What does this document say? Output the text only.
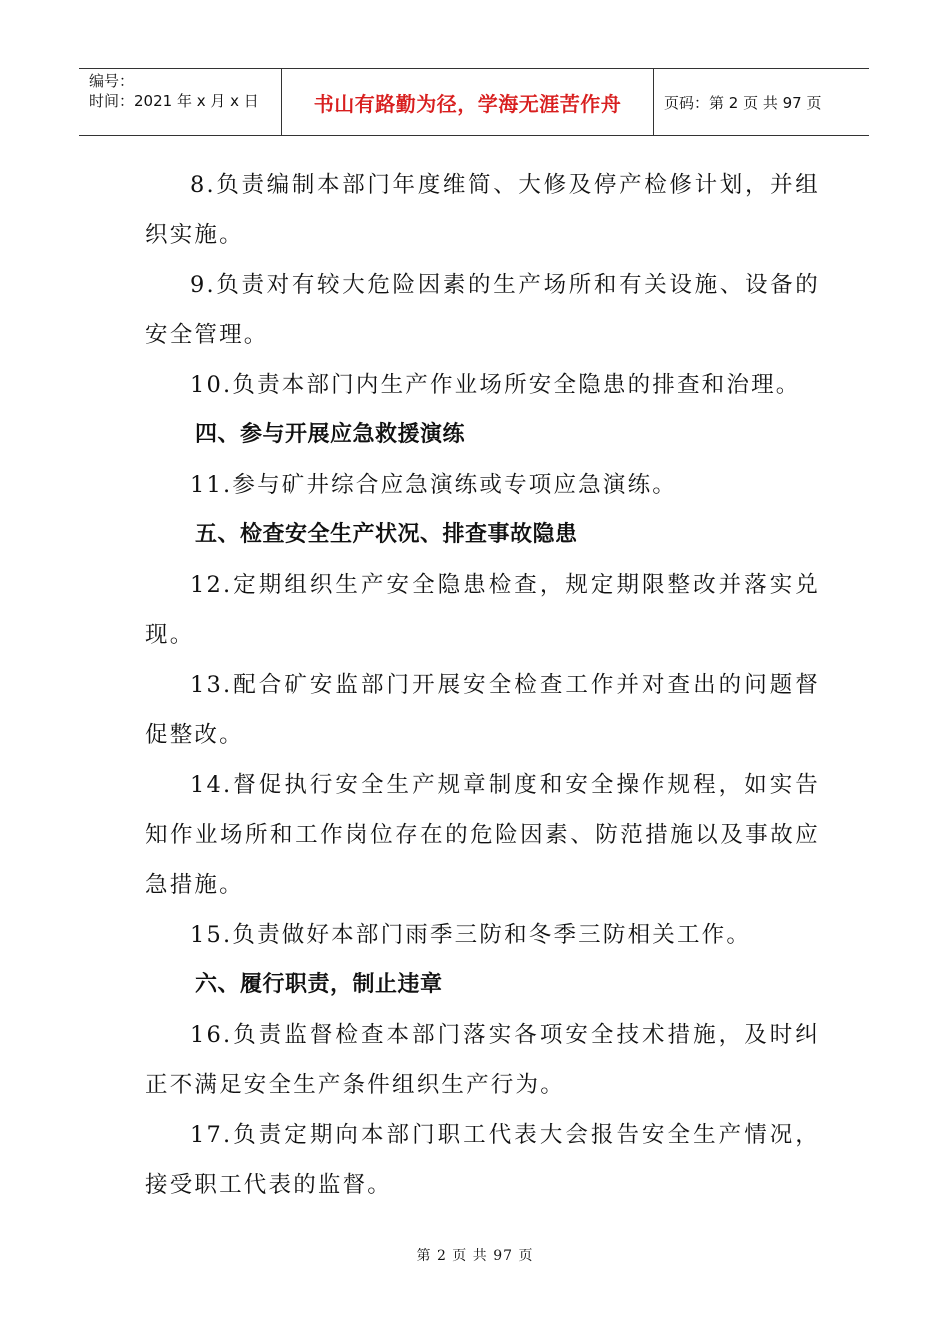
编号：
时间：2021 年 x 月 x 日	书山有路勤为径，学海无涯苦作舟	页码：第 2 页 共 97 页

8.负责编制本部门年度维简、大修及停产检修计划，并组织实施。

9.负责对有较大危险因素的生产场所和有关设施、设备的安全管理。

10.负责本部门内生产作业场所安全隐患的排查和治理。

四、参与开展应急救援演练

11.参与矿井综合应急演练或专项应急演练。

五、检查安全生产状况、排查事故隐患

12.定期组织生产安全隐患检查，规定期限整改并落实兑现。

13.配合矿安监部门开展安全检查工作并对查出的问题督促整改。

14.督促执行安全生产规章制度和安全操作规程，如实告知作业场所和工作岗位存在的危险因素、防范措施以及事故应急措施。

15.负责做好本部门雨季三防和冬季三防相关工作。

六、履行职责，制止违章

16.负责监督检查本部门落实各项安全技术措施，及时纠正不满足安全生产条件组织生产行为。

17.负责定期向本部门职工代表大会报告安全生产情况，接受职工代表的监督。

第 2 页 共 97 页
